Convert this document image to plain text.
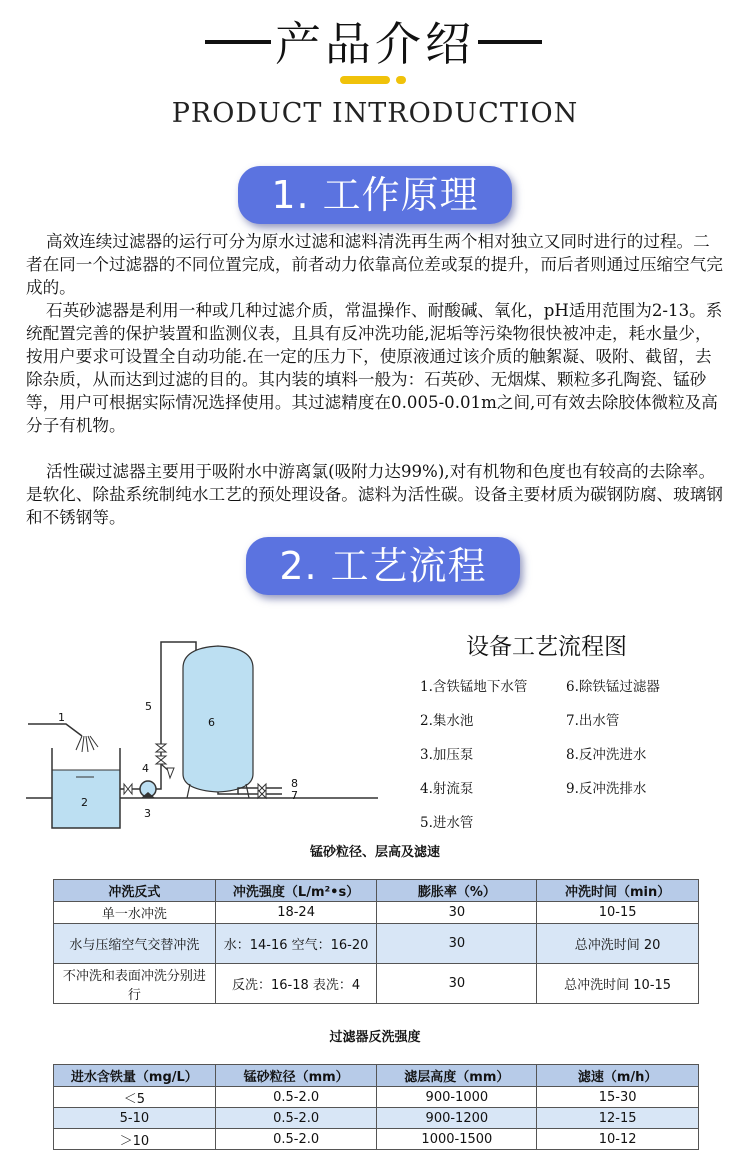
产品介绍
PRODUCT INTRODUCTION
1. 工作原理

高效连续过滤器的运行可分为原水过滤和滤料清洗再生两个相对独立又同时进行的过程。二者在同一个过滤器的不同位置完成，前者动力依靠高位差或泵的提升，而后者则通过压缩空气完成的。

石英砂滤器是利用一种或几种过滤介质，常温操作、耐酸碱、氧化，pH适用范围为2-13。系统配置完善的保护装置和监测仪表，且具有反冲洗功能,泥垢等污染物很快被冲走，耗水量少，按用户要求可设置全自动功能.在一定的压力下，使原液通过该介质的触絮凝、吸附、截留，去除杂质，从而达到过滤的目的。其内装的填料一般为：石英砂、无烟煤、颗粒多孔陶瓷、锰砂等，用户可根据实际情况选择使用。其过滤精度在0.005-0.01m之间,可有效去除胶体微粒及高分子有机物。

活性碳过滤器主要用于吸附水中游离氯(吸附力达99%),对有机物和色度也有较高的去除率。是软化、除盐系统制纯水工艺的预处理设备。滤料为活性碳。设备主要材质为碳钢防腐、玻璃钢和不锈钢等。

2. 工艺流程
1
2
3
4
5
6
8
7
设备工艺流程图
1.含铁锰地下水管
2.集水池
3.加压泵
4.射流泵
5.进水管
6.除铁锰过滤器
7.出水管
8.反冲洗进水
9.反冲洗排水
锰砂粒径、层高及滤速
冲洗反式	冲洗强度（L/m²•s）	膨胀率（%）	冲洗时间（min）
单一水冲洗	18-24	30	10-15
水与压缩空气交替冲洗	水：14-16 空气：16-20	30	总冲洗时间 20
不冲洗和表面冲洗分别进行	反冼：16-18 表冼：4	30	总冲洗时间 10-15
过滤器反洗强度
进水含铁量（mg/L）	锰砂粒径（mm）	滤层高度（mm）	滤速（m/h）
＜5	0.5-2.0	900-1000	15-30
5-10	0.5-2.0	900-1200	12-15
＞10	0.5-2.0	1000-1500	10-12
